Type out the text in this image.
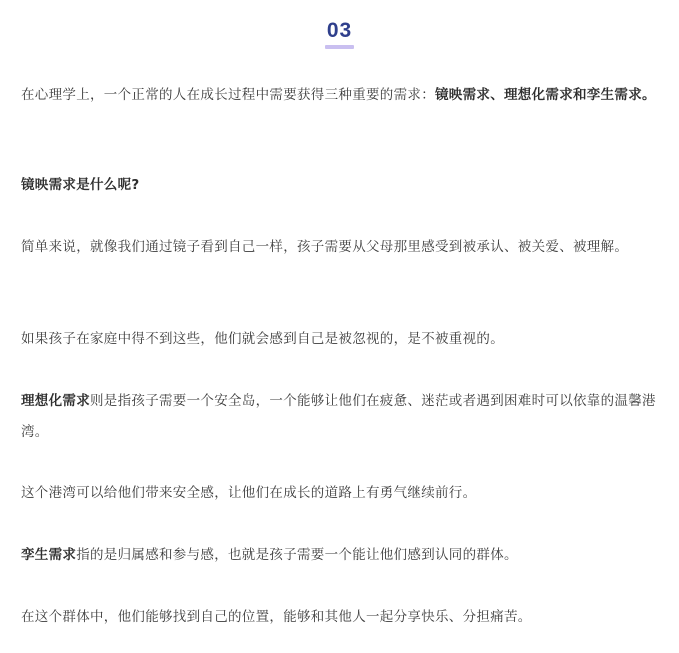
03

在心理学上，一个正常的人在成长过程中需要获得三种重要的需求：镜映需求、理想化需求和孪生需求。

镜映需求是什么呢?

简单来说，就像我们通过镜子看到自己一样，孩子需要从父母那里感受到被承认、被关爱、被理解。

如果孩子在家庭中得不到这些，他们就会感到自己是被忽视的，是不被重视的。

理想化需求则是指孩子需要一个安全岛，一个能够让他们在疲惫、迷茫或者遇到困难时可以依靠的温馨港湾。

这个港湾可以给他们带来安全感，让他们在成长的道路上有勇气继续前行。

孪生需求指的是归属感和参与感，也就是孩子需要一个能让他们感到认同的群体。

在这个群体中，他们能够找到自己的位置，能够和其他人一起分享快乐、分担痛苦。
